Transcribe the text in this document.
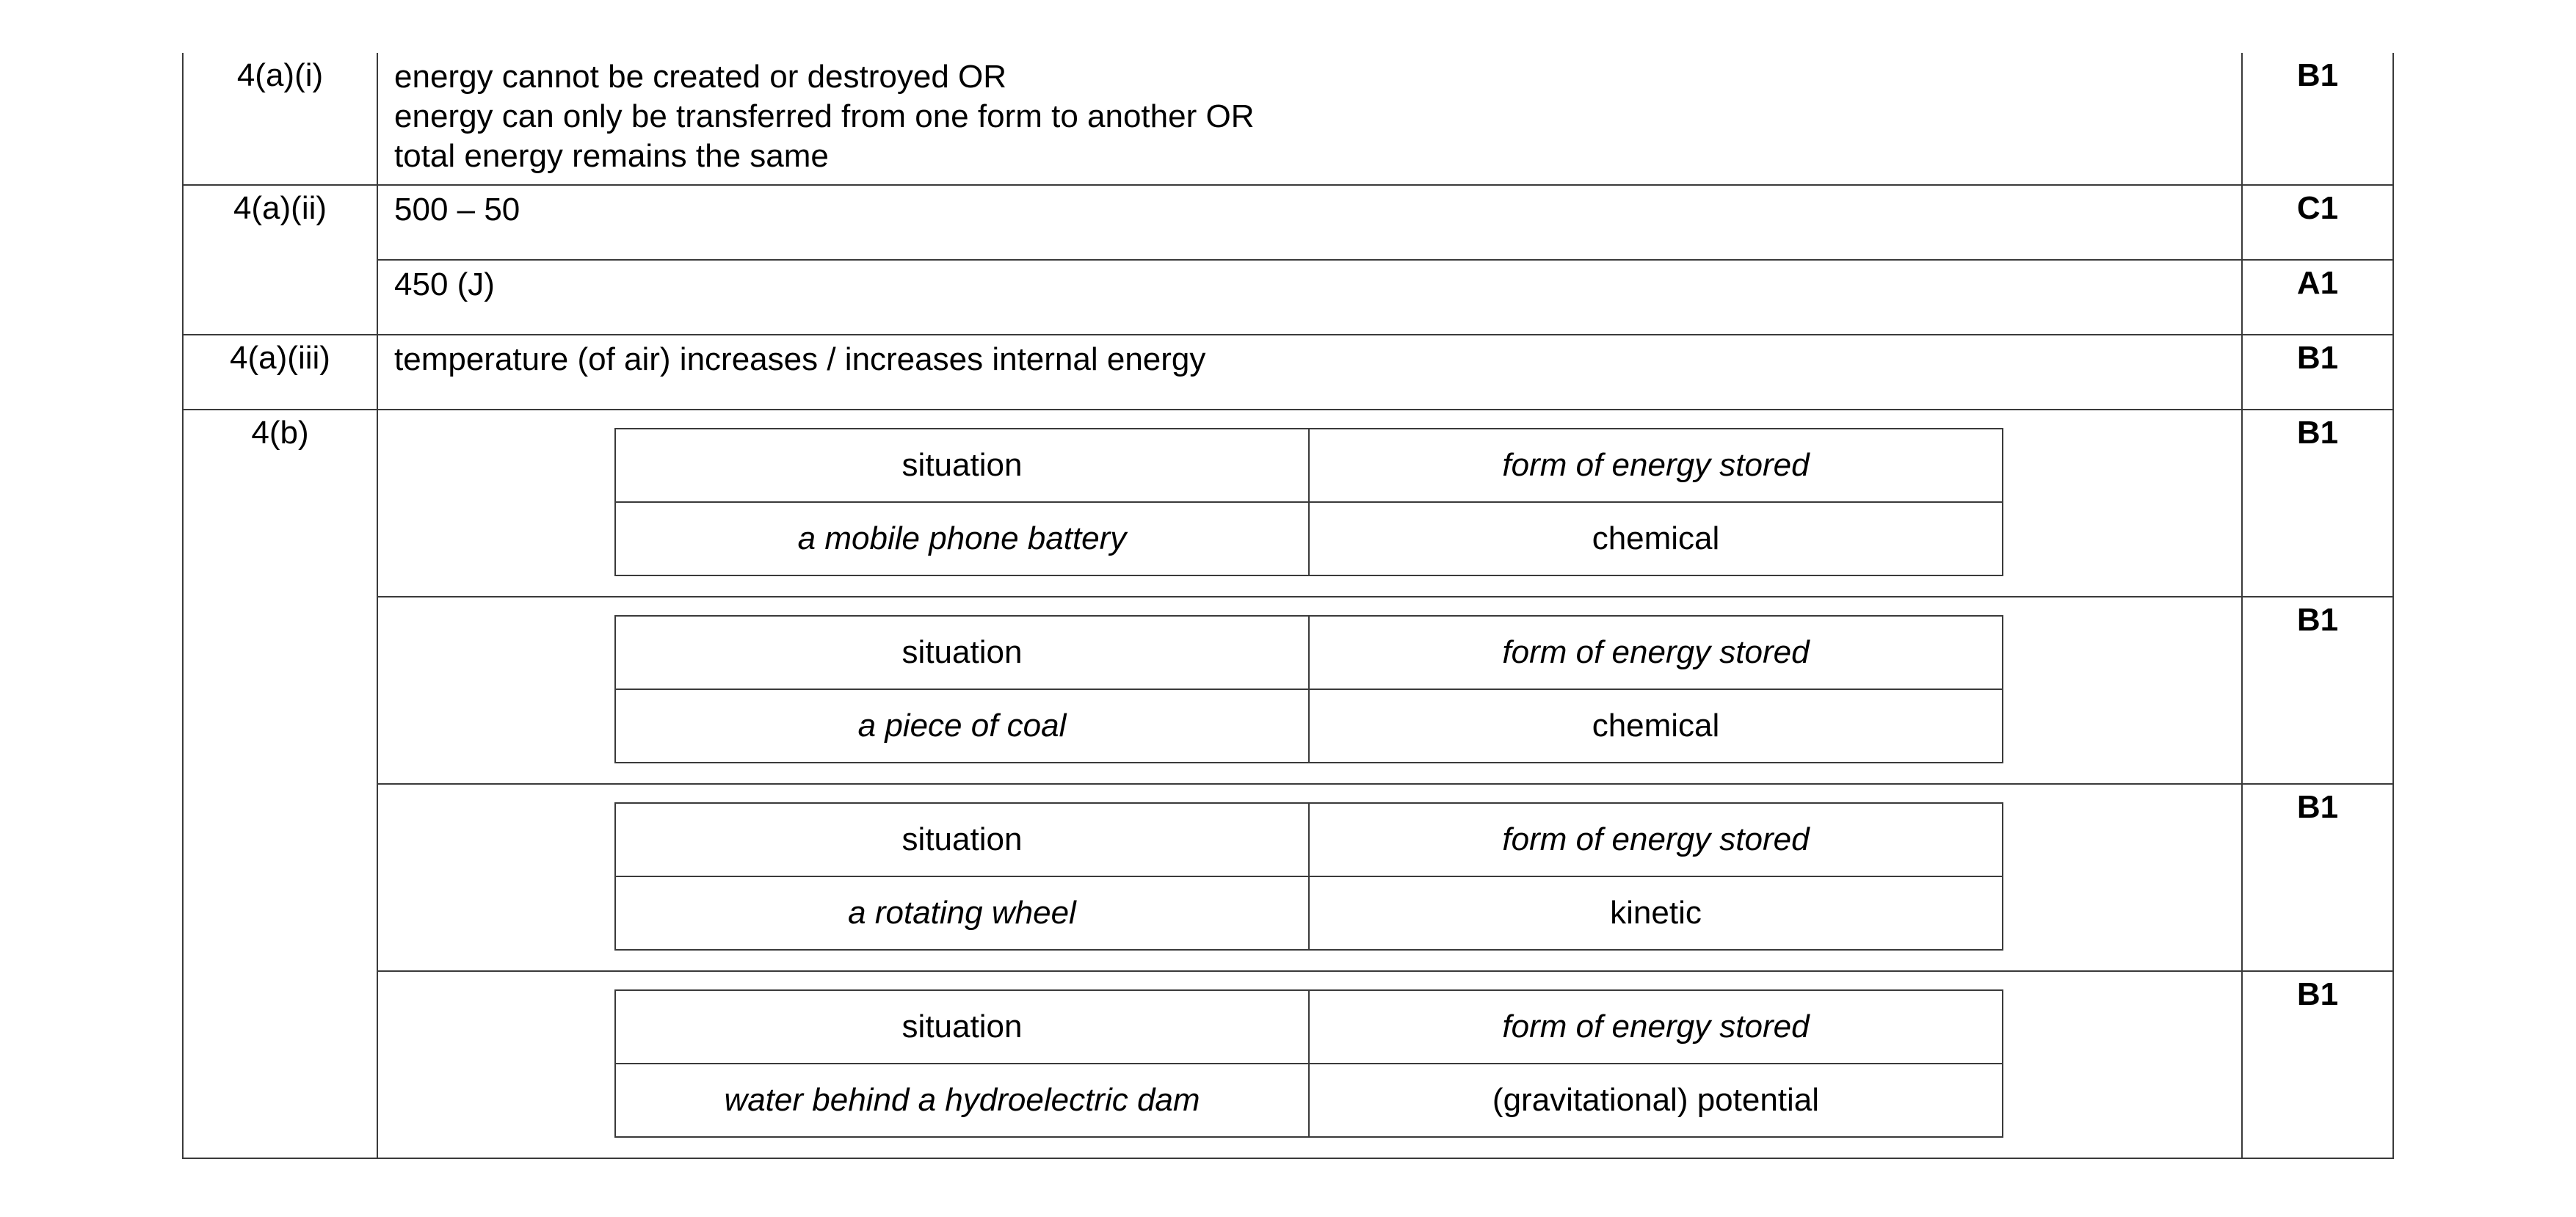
4(a)(i)	energy cannot be created or destroyed OR
energy can only be transferred from one form to another OR
total energy remains the same
	B1
4(a)(ii)	500 – 50	C1
450 (J)	A1
4(a)(iii)	temperature (of air) increases / increases internal energy	B1
4(b)	
situation	form of energy stored
a mobile phone battery	chemical
	B1

situation	form of energy stored
a piece of coal	chemical
	B1

situation	form of energy stored
a rotating wheel	kinetic
	B1

situation	form of energy stored
water behind a hydroelectric dam	(gravitational) potential
	B1
